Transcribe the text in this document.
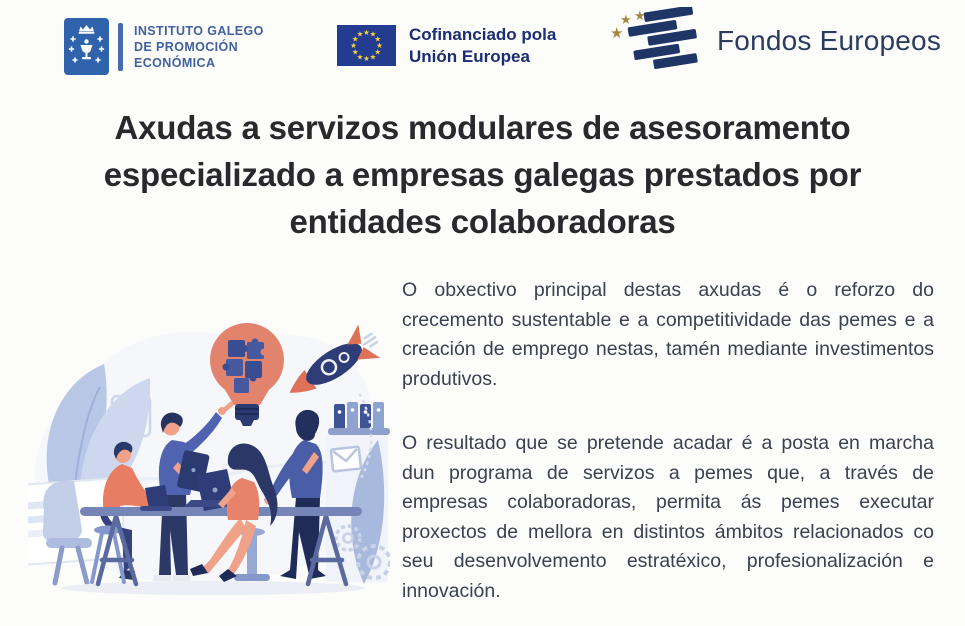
INSTITUTO GALEGO
DE PROMOCIÓN
ECONÓMICA
★ ★
★
★
★
★
★
★
★
★
★
★	Cofinanciado pola
Unión Europea
★ ★
★	Fondos Europeos
Axudas a servizos modulares de asesoramento
especializado a empresas galegas prestados por
entidades colaboradoras

O obxectivo principal destas axudas é o reforzo do crecemento sustentable e a competitividade das pemes e a creación de emprego nestas, tamén mediante investimentos produtivos.

O resultado que se pretende acadar é a posta en marcha dun programa de servizos a pemes que, a través de empresas colaboradoras, permita ás pemes executar proxectos de mellora en distintos ámbitos relacionados co seu desenvolvemento estratéxico, profesionalización e innovación.
